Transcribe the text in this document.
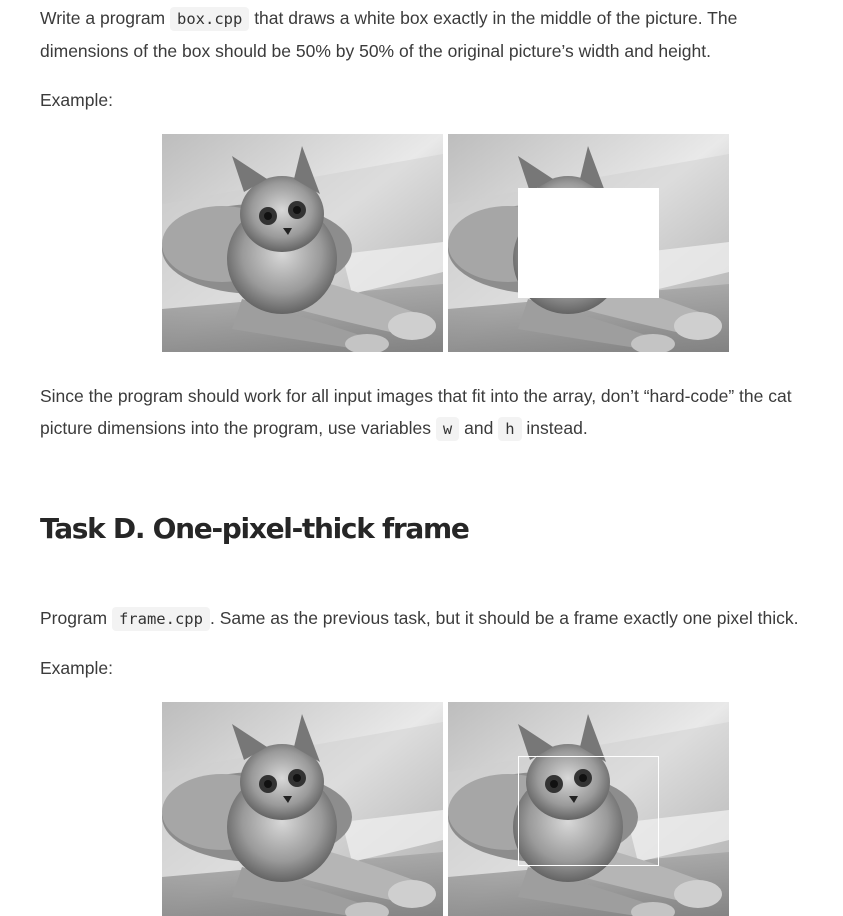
Write a program box.cpp that draws a white box exactly in the middle of the picture. The dimensions of the box should be 50% by 50% of the original picture’s width and height.

Example:

Since the program should work for all input images that fit into the array, don’t “hard-code” the cat picture dimensions into the program, use variables w and h instead.

Task D. One-pixel-thick frame

Program frame.cpp . Same as the previous task, but it should be a frame exactly one pixel thick.

Example:
